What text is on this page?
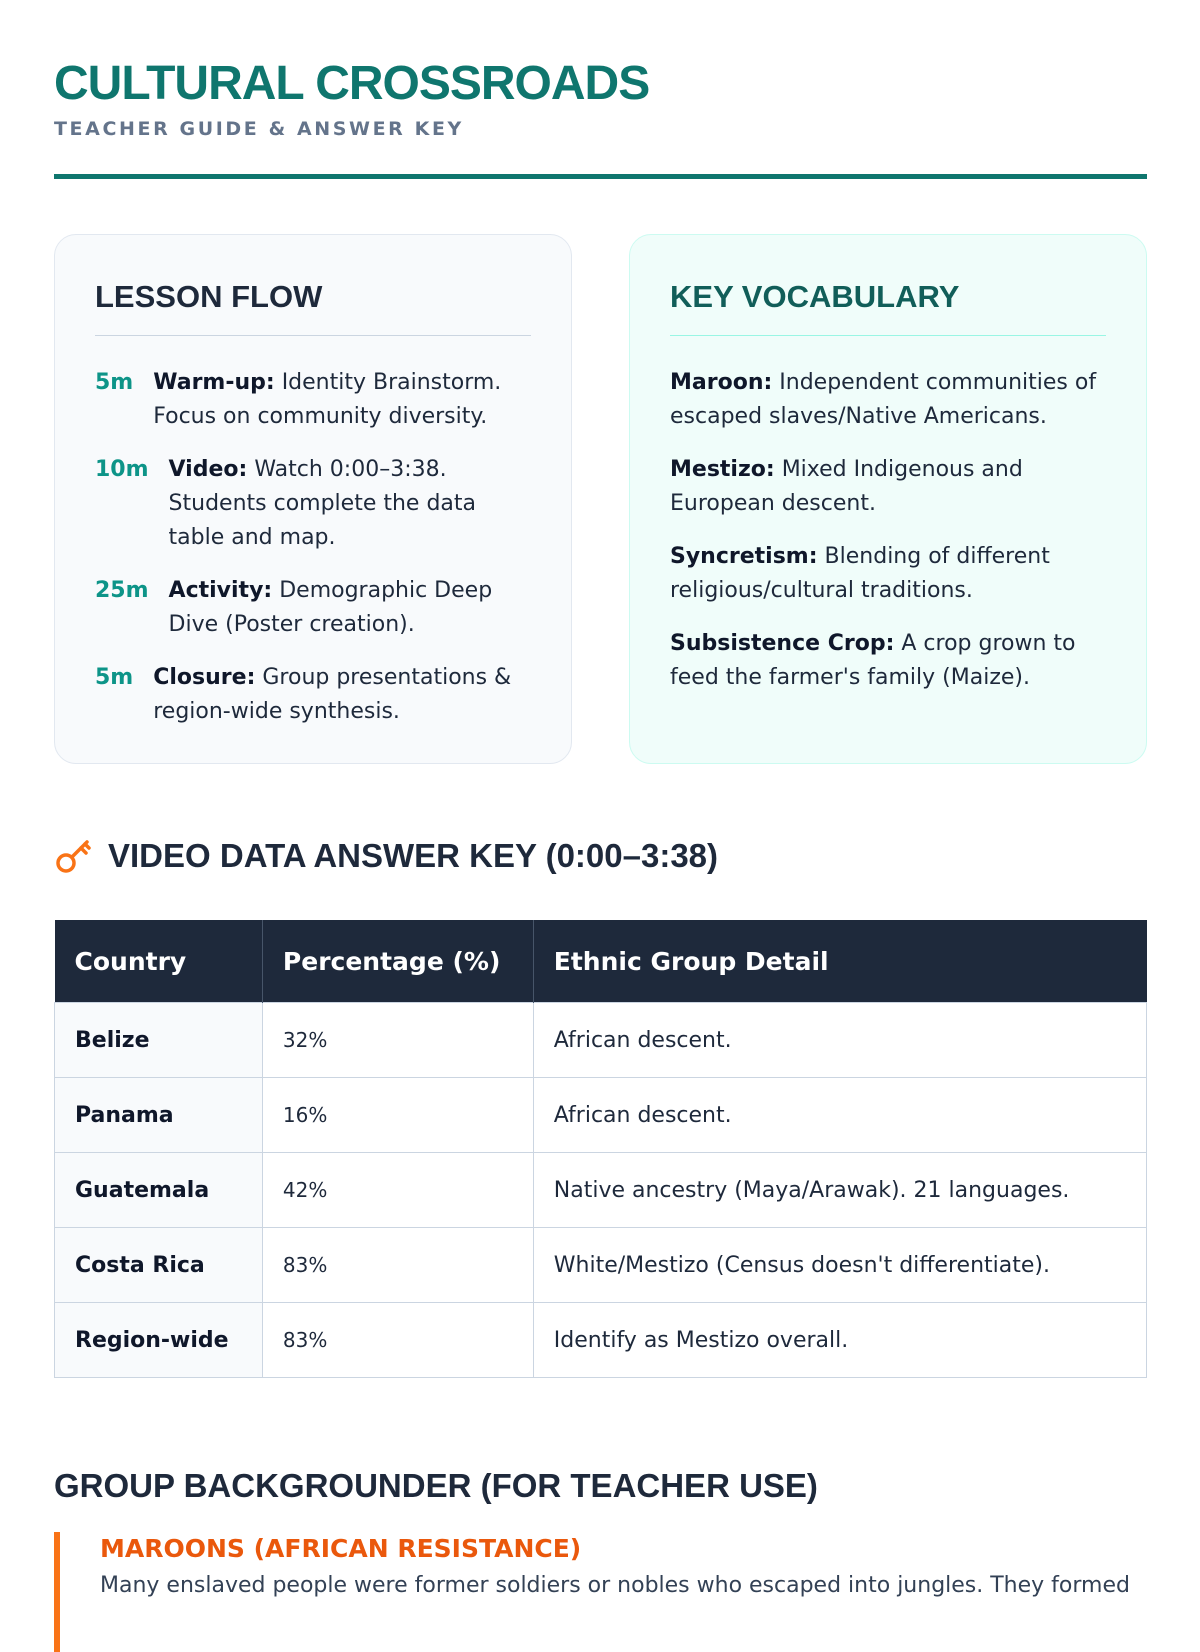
CULTURAL CROSSROADS
TEACHER GUIDE & ANSWER KEY
LESSON FLOW
5m Warm-up: Identity Brainstorm. Focus on community diversity.
10m Video: Watch 0:00–3:38. Students complete the data table and map.
25m Activity: Demographic Deep Dive (Poster creation).
5m Closure: Group presentations & region-wide synthesis.
KEY VOCABULARY
Maroon: Independent communities of escaped slaves/Native Americans.
Mestizo: Mixed Indigenous and European descent.
Syncretism: Blending of different religious/cultural traditions.
Subsistence Crop: A crop grown to feed the farmer's family (Maize).
VIDEO DATA ANSWER KEY (0:00–3:38)
Country	Percentage (%)	Ethnic Group Detail
Belize	32%	African descent.
Panama	16%	African descent.
Guatemala	42%	Native ancestry (Maya/Arawak). 21 languages.
Costa Rica	83%	White/Mestizo (Census doesn't differentiate).
Region-wide	83%	Identify as Mestizo overall.
GROUP BACKGROUNDER (FOR TEACHER USE)
MAROONS (AFRICAN RESISTANCE)
Many enslaved people were former soldiers or nobles who escaped into jungles. They formed
